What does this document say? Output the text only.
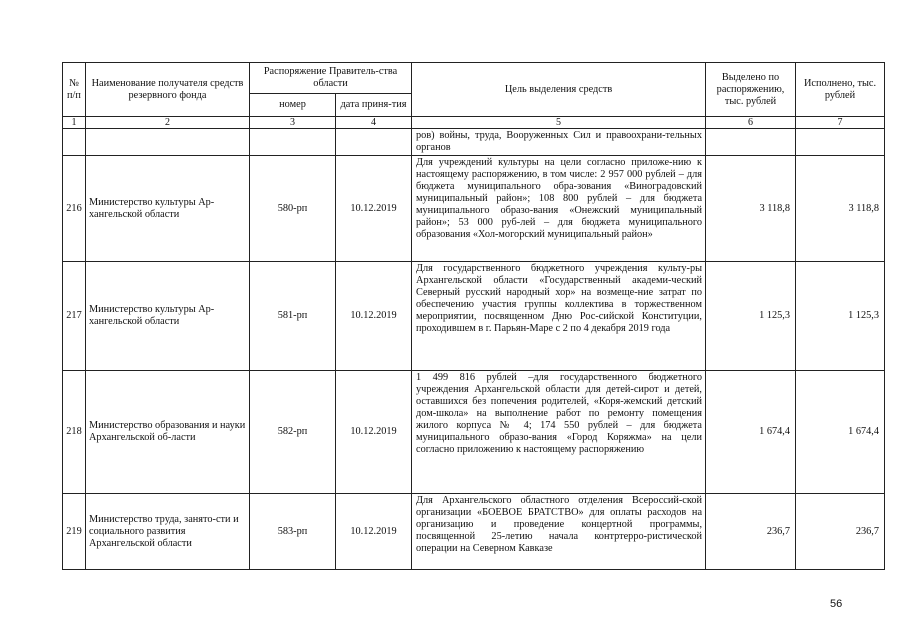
№ п/п	Наименование получателя средств резервного фонда	Распоряжение Правитель-ства области		Цель выделения средств	Выделено по распоряжению, тыс. рублей	Исполнено, тыс. рублей
		номер	дата приня-тия			
1	2	3	4	5	6	7
				ров) войны, труда, Вооруженных Сил и правоохрани-тельных органов		
216	Министерство культуры Ар-хангельской области	580-рп	10.12.2019	Для учреждений культуры на цели согласно приложе-нию к настоящему распоряжению, в том числе: 2 957 000 рублей – для бюджета муниципального обра-зования «Виноградовский муниципальный район»; 108 800 рублей – для бюджета муниципального образо-вания «Онежский муниципальный район»; 53 000 руб-лей – для бюджета муниципального образования «Хол-могорский муниципальный район»	3 118,8	3 118,8
217	Министерство культуры Ар-хангельской области	581-рп	10.12.2019	Для государственного бюджетного учреждения культу-ры Архангельской области «Государственный академи-ческий Северный русский народный хор» на возмеще-ние затрат по обеспечению участия группы коллектива в торжественном мероприятии, посвященном Дню Рос-сийской Конституции, проходившем в г. Парьян-Маре с 2 по 4 декабря 2019 года	1 125,3	1 125,3
218	Министерство образования и науки Архангельской об-ласти	582-рп	10.12.2019	1 499 816 рублей –для государственного бюджетного учреждения Архангельской области для детей-сирот и детей, оставшихся без попечения родителей, «Коря-жемский детский дом-школа» на выполнение работ по ремонту помещения жилого корпуса № 4; 174 550 рублей – для бюджета муниципального образо-вания «Город Коряжма» на цели согласно приложению к настоящему распоряжению	1 674,4	1 674,4
219	Министерство труда, занято-сти и социального развития Архангельской области	583-рп	10.12.2019	Для Архангельского областного отделения Всероссий-ской организации «БОЕВОЕ БРАТСТВО» для оплаты расходов на организацию и проведение концертной программы, посвященной 25-летию начала контртерро-ристической операции на Северном Кавказе	236,7	236,7
56
